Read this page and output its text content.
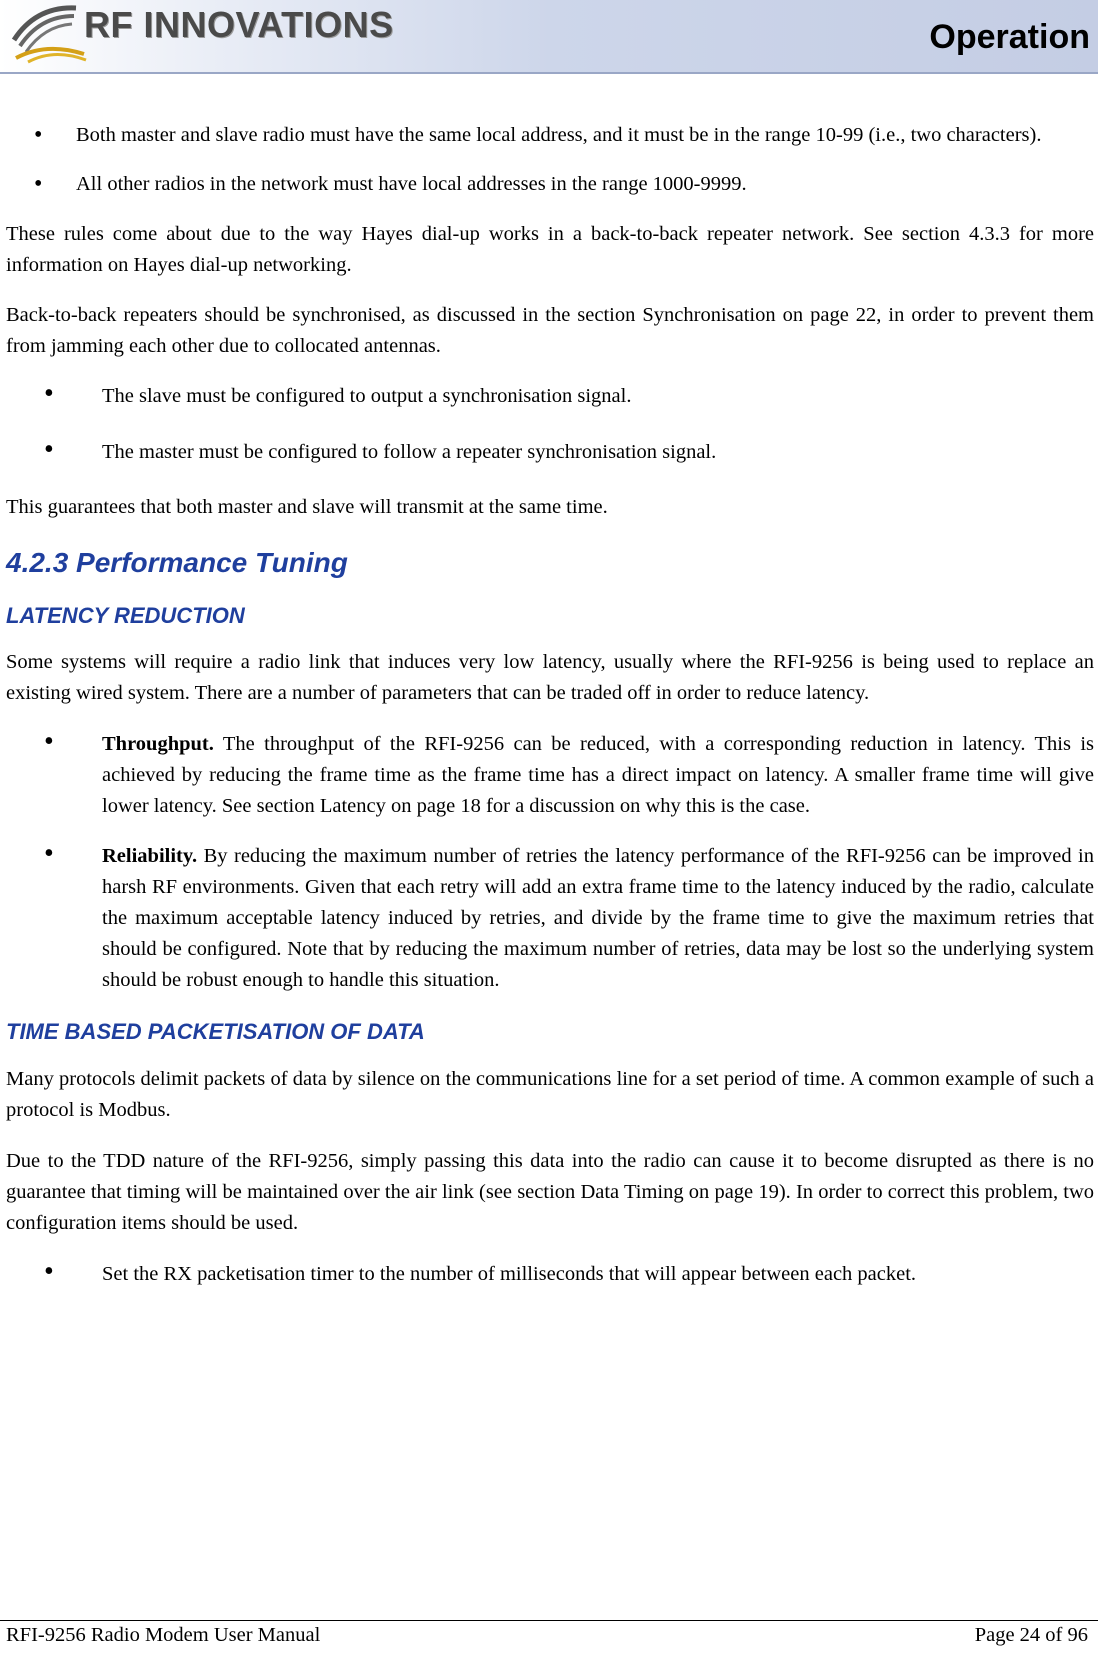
RF INNOVATIONS	Operation
• Both master and slave radio must have the same local address, and it must be in the range 10-99 (i.e., two characters).
• All other radios in the network must have local addresses in the range 1000-9999.

These rules come about due to the way Hayes dial-up works in a back-to-back repeater network. See section 4.3.3 for more information on Hayes dial-up networking.

Back-to-back repeaters should be synchronised, as discussed in the section Synchronisation on page 22, in order to prevent them from jamming each other due to collocated antennas.

• The slave must be configured to output a synchronisation signal.
• The master must be configured to follow a repeater synchronisation signal.

This guarantees that both master and slave will transmit at the same time.

4.2.3 Performance Tuning
LATENCY REDUCTION

Some systems will require a radio link that induces very low latency, usually where the RFI-9256 is being used to replace an existing wired system. There are a number of parameters that can be traded off in order to reduce latency.

• Throughput. The throughput of the RFI-9256 can be reduced, with a corresponding reduction in latency. This is achieved by reducing the frame time as the frame time has a direct impact on latency. A smaller frame time will give lower latency. See section Latency on page 18 for a discussion on why this is the case.
• Reliability. By reducing the maximum number of retries the latency performance of the RFI-9256 can be improved in harsh RF environments. Given that each retry will add an extra frame time to the latency induced by the radio, calculate the maximum acceptable latency induced by retries, and divide by the frame time to give the maximum retries that should be configured. Note that by reducing the maximum number of retries, data may be lost so the underlying system should be robust enough to handle this situation.
TIME BASED PACKETISATION OF DATA

Many protocols delimit packets of data by silence on the communications line for a set period of time. A common example of such a protocol is Modbus.

Due to the TDD nature of the RFI-9256, simply passing this data into the radio can cause it to become disrupted as there is no guarantee that timing will be maintained over the air link (see section Data Timing on page 19). In order to correct this problem, two configuration items should be used.

• Set the RX packetisation timer to the number of milliseconds that will appear between each packet.
RFI-9256 Radio Modem User Manual	Page 24 of 96
